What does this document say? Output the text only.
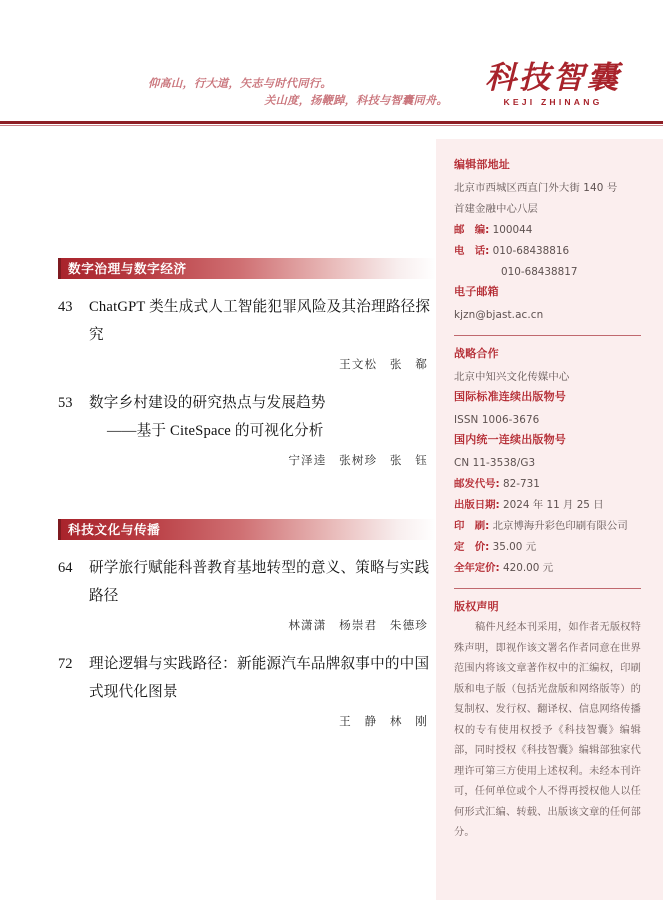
仰高山，行大道，矢志与时代同行。
关山度，扬鞭踔，科技与智囊同舟。
科技智囊
KEJI ZHINANG
数字治理与数字经济
43	ChatGPT 类生成式人工智能犯罪风险及其治理路径探究
王文松　张　郗
53	数字乡村建设的研究热点与发展趋势
——基于 CiteSpace 的可视化分析
宁泽逵　张树珍　张　钰
科技文化与传播
64	研学旅行赋能科普教育基地转型的意义、策略与实践
路径
林潇潇　杨崇君　朱德珍
72	理论逻辑与实践路径：新能源汽车品牌叙事中的中国
式现代化图景
王　静　林　刚
编辑部地址
北京市西城区西直门外大街 140 号
首建金融中心八层
邮　编: 100044
电　话: 010-68438816
010-68438817
电子邮箱
kjzn@bjast.ac.cn
战略合作
北京中知兴文化传媒中心
国际标准连续出版物号
ISSN 1006-3676
国内统一连续出版物号
CN 11-3538/G3
邮发代号: 82-731
出版日期: 2024 年 11 月 25 日
印　刷: 北京博海升彩色印刷有限公司
定　价: 35.00 元
全年定价: 420.00 元
版权声明
稿件凡经本刊采用，如作者无版权特殊声明，即视作该文署名作者同意在世界范围内将该文章著作权中的汇编权，印刷版和电子版（包括光盘版和网络版等）的复制权、发行权、翻译权、信息网络传播权的专有使用权授予《科技智囊》编辑部，同时授权《科技智囊》编辑部独家代理许可第三方使用上述权利。未经本刊许可，任何单位或个人不得再授权他人以任何形式汇编、转载、出版该文章的任何部分。
